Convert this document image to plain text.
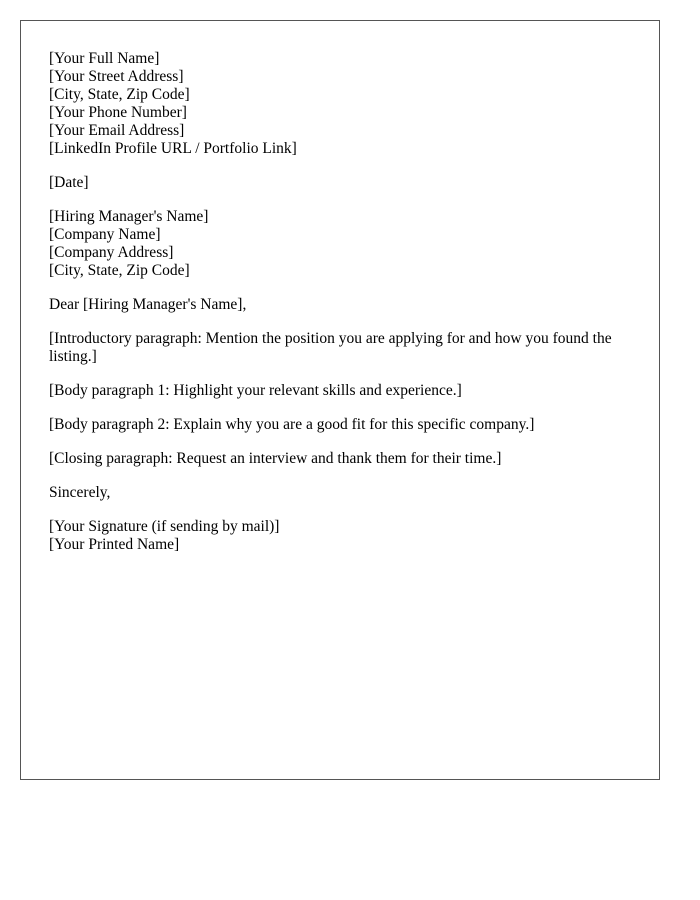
[Your Full Name]
[Your Street Address]
[City, State, Zip Code]
[Your Phone Number]
[Your Email Address]
[LinkedIn Profile URL / Portfolio Link]
[Date]
[Hiring Manager's Name]
[Company Name]
[Company Address]
[City, State, Zip Code]
Dear [Hiring Manager's Name],
[Introductory paragraph: Mention the position you are applying for and how you found the listing.]
[Body paragraph 1: Highlight your relevant skills and experience.]
[Body paragraph 2: Explain why you are a good fit for this specific company.]
[Closing paragraph: Request an interview and thank them for their time.]
Sincerely,
[Your Signature (if sending by mail)]
[Your Printed Name]
